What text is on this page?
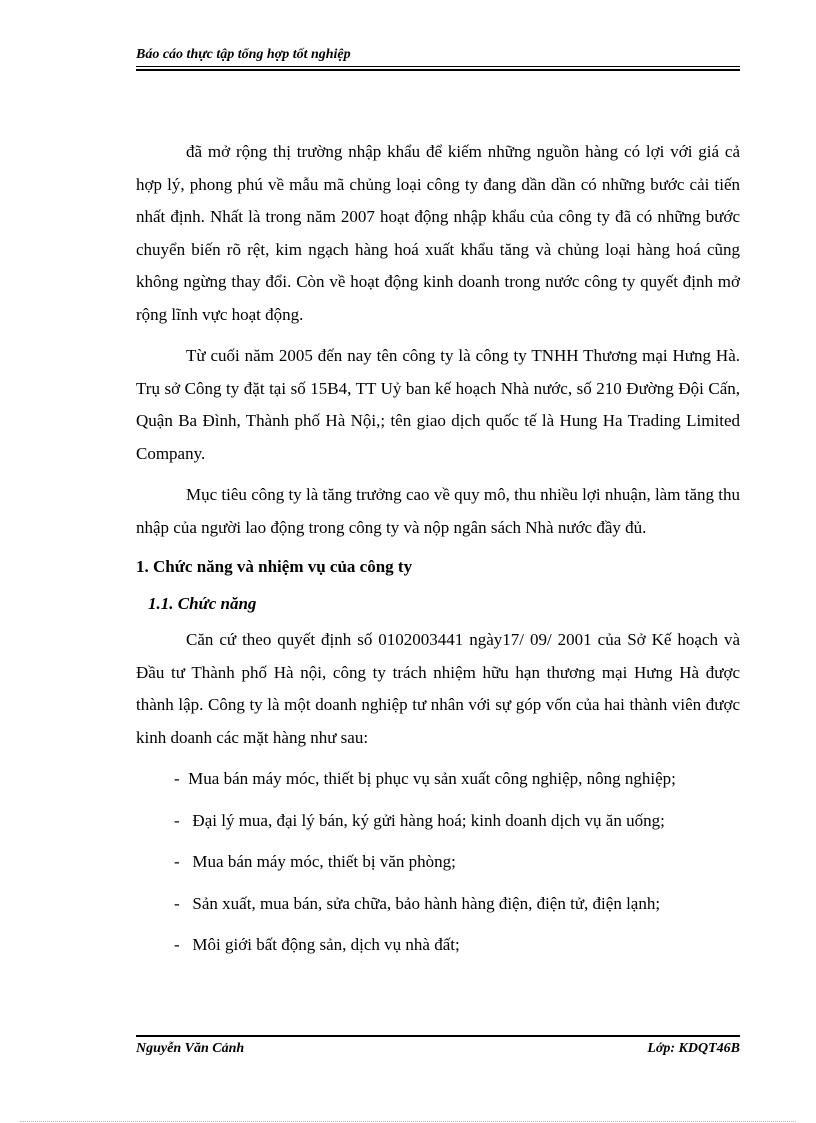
Báo cáo thực tập tổng hợp tốt nghiệp

đã mở rộng thị trường nhập khẩu để kiếm những nguồn hàng có lợi với giá cả hợp lý, phong phú về mẫu mã chủng loại công ty đang dần dần có những bước cải tiến nhất định. Nhất là trong năm 2007 hoạt động nhập khẩu của công ty đã có những bước chuyển biến rõ rệt, kim ngạch hàng hoá xuất khẩu tăng và chủng loại hàng hoá cũng không ngừng thay đổi. Còn về hoạt động kinh doanh trong nước công ty quyết định mở rộng lĩnh vực hoạt động.

Từ cuối năm 2005 đến nay tên công ty là công ty TNHH Thương mại Hưng Hà. Trụ sở Công ty đặt tại số 15B4, TT Uỷ ban kế hoạch Nhà nước, số 210 Đường Đội Cấn, Quận Ba Đình, Thành phố Hà Nội,; tên giao dịch quốc tế là Hung Ha Trading Limited Company.

Mục tiêu công ty là tăng trưởng cao về quy mô, thu nhiều lợi nhuận, làm tăng thu nhập của người lao động trong công ty và nộp ngân sách Nhà nước đầy đủ.

1. Chức năng và nhiệm vụ của công ty
1.1. Chức năng

Căn cứ theo quyết định số 0102003441 ngày17/ 09/ 2001 của Sở Kế hoạch và Đầu tư Thành phố Hà nội, công ty trách nhiệm hữu hạn thương mại Hưng Hà được thành lập. Công ty là một doanh nghiệp tư nhân với sự góp vốn của hai thành viên được kinh doanh các mặt hàng như sau:

- Mua bán máy móc, thiết bị phục vụ sản xuất công nghiệp, nông nghiệp;
- Đại lý mua, đại lý bán, ký gửi hàng hoá; kinh doanh dịch vụ ăn uống;
- Mua bán máy móc, thiết bị văn phòng;
- Sản xuất, mua bán, sửa chữa, bảo hành hàng điện, điện tử, điện lạnh;
- Môi giới bất động sản, dịch vụ nhà đất;
Nguyễn Văn Cảnh	Lớp: KDQT46B
